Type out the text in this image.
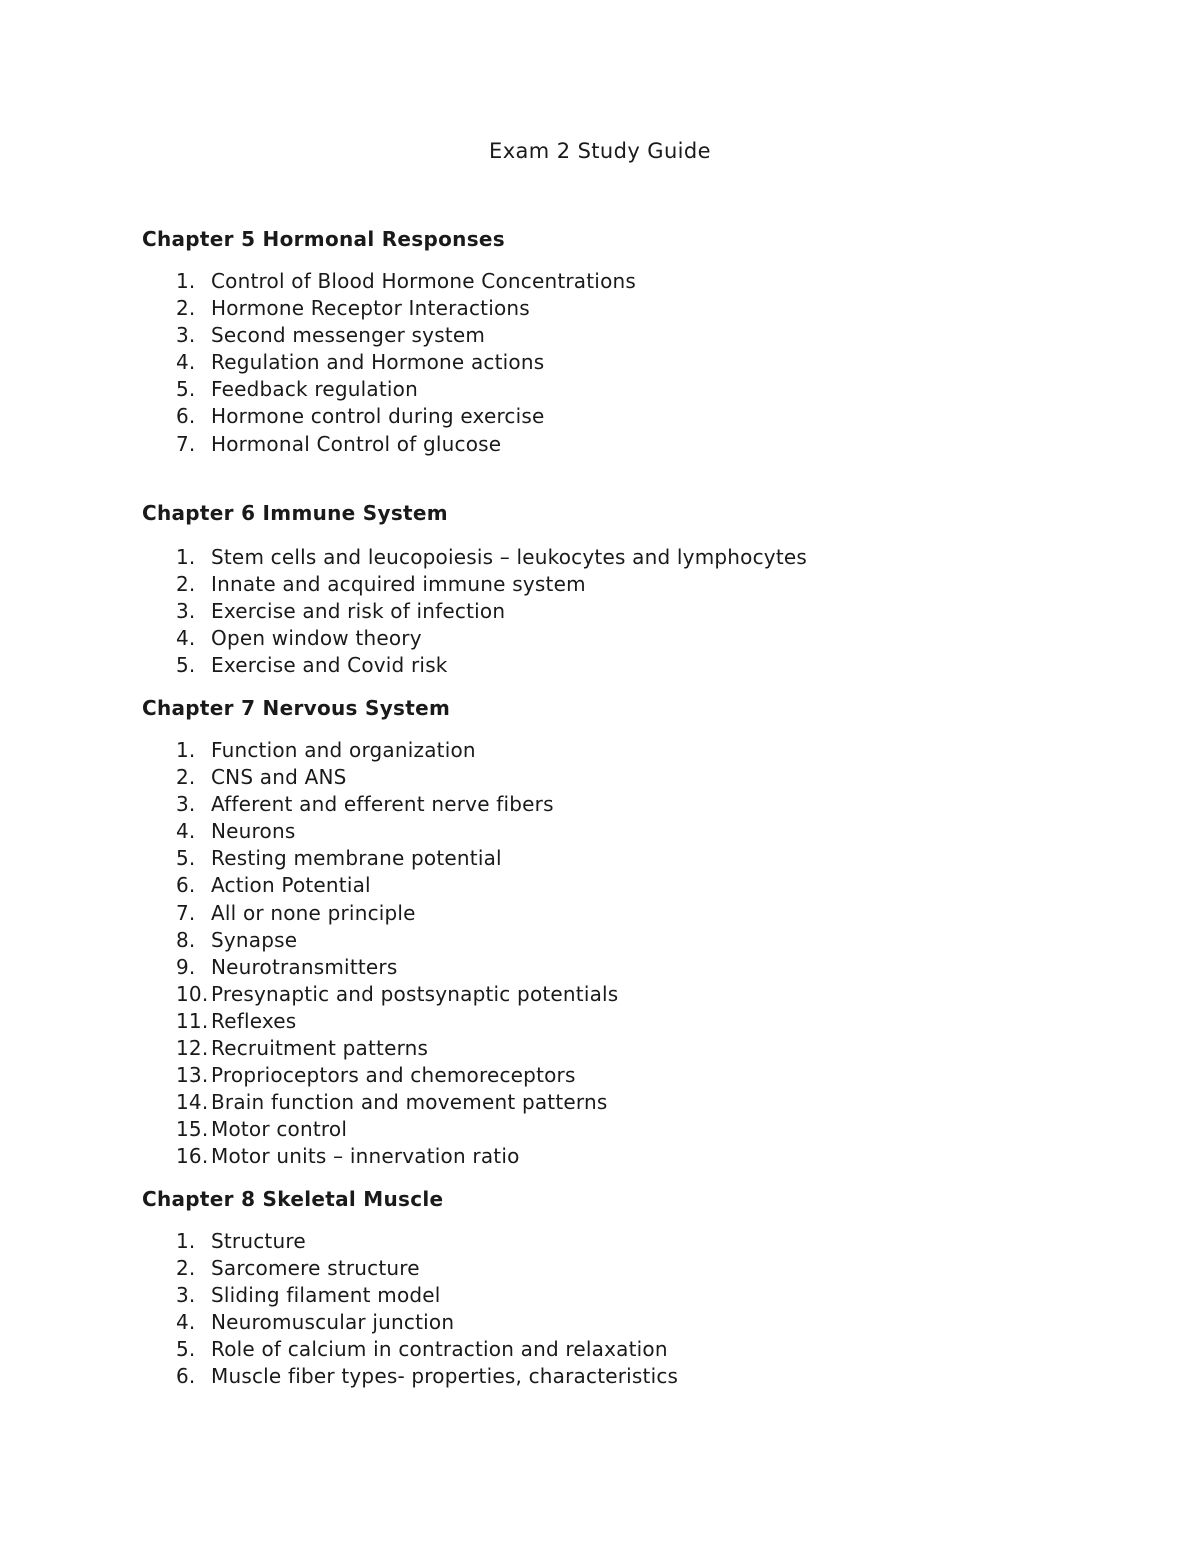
Exam 2 Study Guide
Chapter 5 Hormonal Responses
1. Control of Blood Hormone Concentrations
2. Hormone Receptor Interactions
3. Second messenger system
4. Regulation and Hormone actions
5. Feedback regulation
6. Hormone control during exercise
7. Hormonal Control of glucose
Chapter 6 Immune System
1. Stem cells and leucopoiesis – leukocytes and lymphocytes
2. Innate and acquired immune system
3. Exercise and risk of infection
4. Open window theory
5. Exercise and Covid risk
Chapter 7 Nervous System
1. Function and organization
2. CNS and ANS
3. Afferent and efferent nerve fibers
4. Neurons
5. Resting membrane potential
6. Action Potential
7. All or none principle
8. Synapse
9. Neurotransmitters
10. Presynaptic and postsynaptic potentials
11. Reflexes
12. Recruitment patterns
13. Proprioceptors and chemoreceptors
14. Brain function and movement patterns
15. Motor control
16. Motor units – innervation ratio
Chapter 8 Skeletal Muscle
1. Structure
2. Sarcomere structure
3. Sliding filament model
4. Neuromuscular junction
5. Role of calcium in contraction and relaxation
6. Muscle fiber types- properties, characteristics
